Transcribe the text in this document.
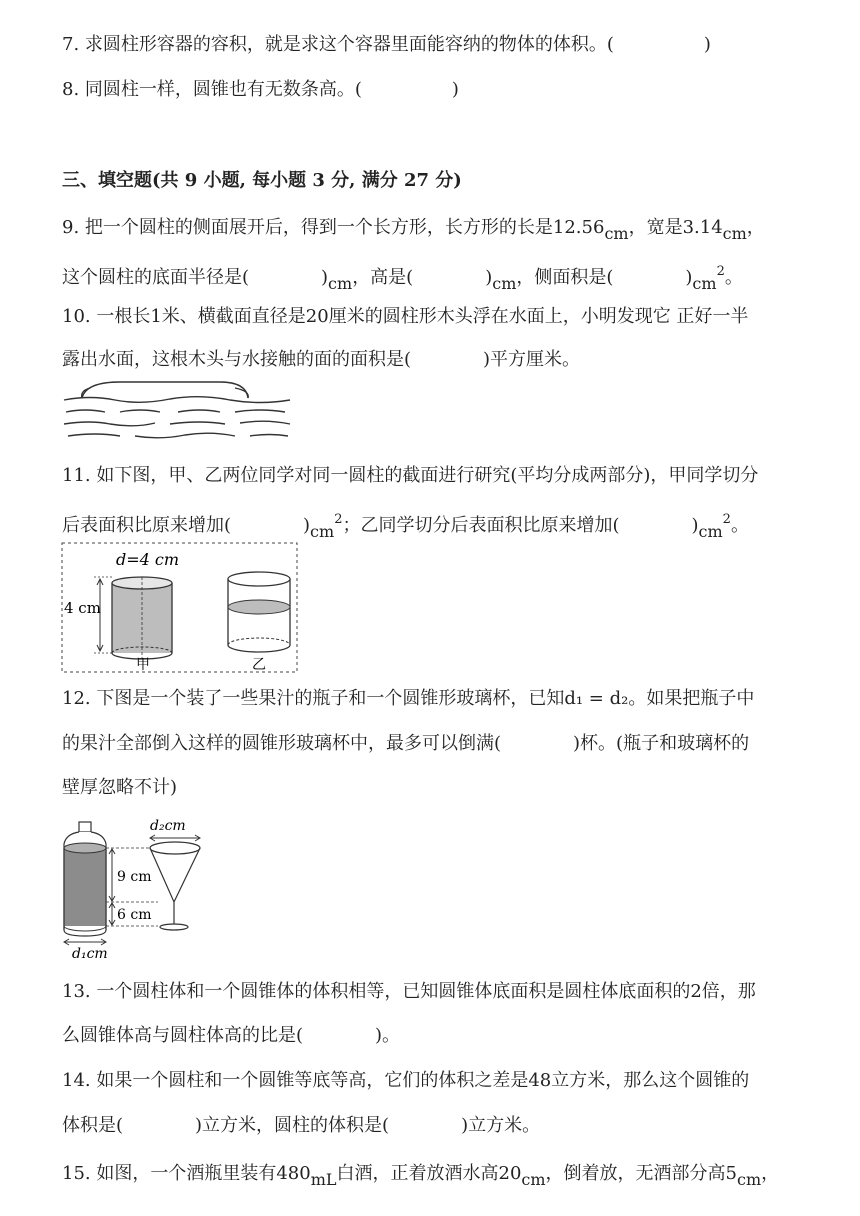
7. 求圆柱形容器的容积，就是求这个容器里面能容纳的物体的体积。(　　　　　)
8. 同圆柱一样，圆锥也有无数条高。(　　　　　)
三、填空题(共 9 小题, 每小题 3 分, 满分 27 分)
9. 把一个圆柱的侧面展开后，得到一个长方形，长方形的长是12.56cm，宽是3.14cm，
这个圆柱的底面半径是(　　　　)cm，高是(　　　　)cm，侧面积是(　　　　)$cm^2$。
10. 一根长1米、横截面直径是20厘米的圆柱形木头浮在水面上，小明发现它 正好一半
露出水面，这根木头与水接触的面的面积是(　　　　)平方厘米。
11. 如下图，甲、乙两位同学对同一圆柱的截面进行研究(平均分成两部分)，甲同学切分
后表面积比原来增加(　　　　)$cm^2$；乙同学切分后表面积比原来增加(　　　　)$cm^2$。
d=4 cm
4 cm
甲	乙
12. 下图是一个装了一些果汁的瓶子和一个圆锥形玻璃杯，已知d₁ = d₂。如果把瓶子中
的果汁全部倒入这样的圆锥形玻璃杯中，最多可以倒满(　　　　)杯。(瓶子和玻璃杯的
壁厚忽略不计)
9 cm
6 cm
d₂cm
d₁cm
13. 一个圆柱体和一个圆锥体的体积相等，已知圆锥体底面积是圆柱体底面积的2倍，那
么圆锥体高与圆柱体高的比是(　　　　)。
14. 如果一个圆柱和一个圆锥等底等高，它们的体积之差是48立方米，那么这个圆锥的
体积是(　　　　)立方米，圆柱的体积是(　　　　)立方米。
15. 如图，一个酒瓶里装有480mL白酒，正着放酒水高20cm，倒着放，无酒部分高5cm，
